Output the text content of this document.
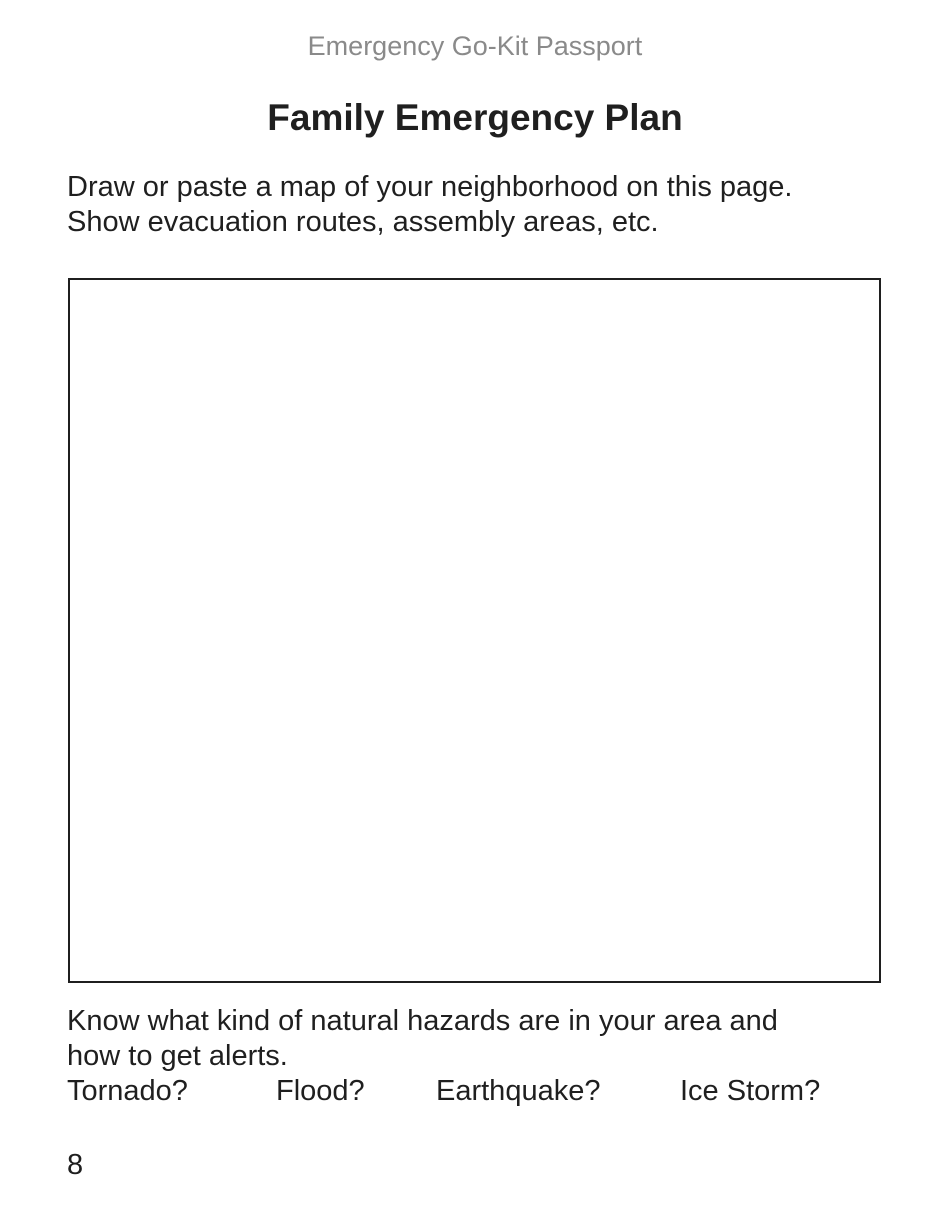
Emergency Go-Kit Passport
Family Emergency Plan
Draw or paste a map of your neighborhood on this page.
Show evacuation routes, assembly areas, etc.
Know what kind of natural hazards are in your area and
how to get alerts.
Tornado?	Flood? Earthquake?	Ice Storm?
8
